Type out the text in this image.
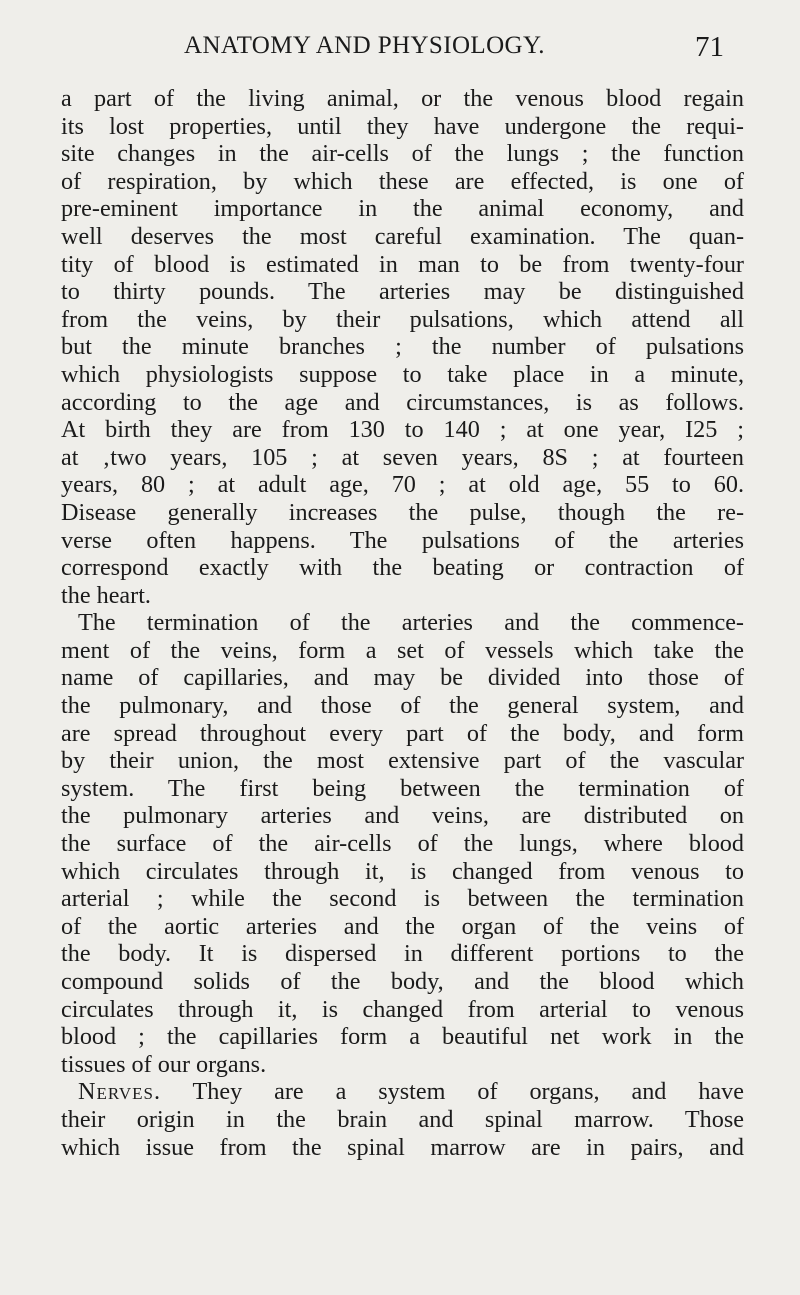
ANATOMY AND PHYSIOLOGY.	71
a part of the living animal, or the venous blood regain
its lost properties, until they have undergone the requi-
site changes in the air-cells of the lungs ; the function
of respiration, by which these are effected, is one of
pre-eminent importance in the animal economy, and
well deserves the most careful examination. The quan-
tity of blood is estimated in man to be from twenty-four
to thirty pounds. The arteries may be distinguished
from the veins, by their pulsations, which attend all
but the minute branches ; the number of pulsations
which physiologists suppose to take place in a minute,
according to the age and circumstances, is as follows.
At birth they are from 130 to 140 ; at one year, I25 ;
at ‚two years, 105 ; at seven years, 8S ; at fourteen
years, 80 ; at adult age, 70 ; at old age, 55 to 60.
Disease generally increases the pulse, though the re-
verse often happens. The pulsations of the arteries
correspond exactly with the beating or contraction of
the heart.
The termination of the arteries and the commence-
ment of the veins, form a set of vessels which take the
name of capillaries, and may be divided into those of
the pulmonary, and those of the general system, and
are spread throughout every part of the body, and form
by their union, the most extensive part of the vascular
system. The first being between the termination of
the pulmonary arteries and veins, are distributed on
the surface of the air-cells of the lungs, where blood
which circulates through it, is changed from venous to
arterial ; while the second is between the termination
of the aortic arteries and the organ of the veins of
the body. It is dispersed in different portions to the
compound solids of the body, and the blood which
circulates through it, is changed from arterial to venous
blood ; the capillaries form a beautiful net work in the
tissues of our organs.
Nerves. They are a system of organs, and have
their origin in the brain and spinal marrow. Those
which issue from the spinal marrow are in pairs, and
